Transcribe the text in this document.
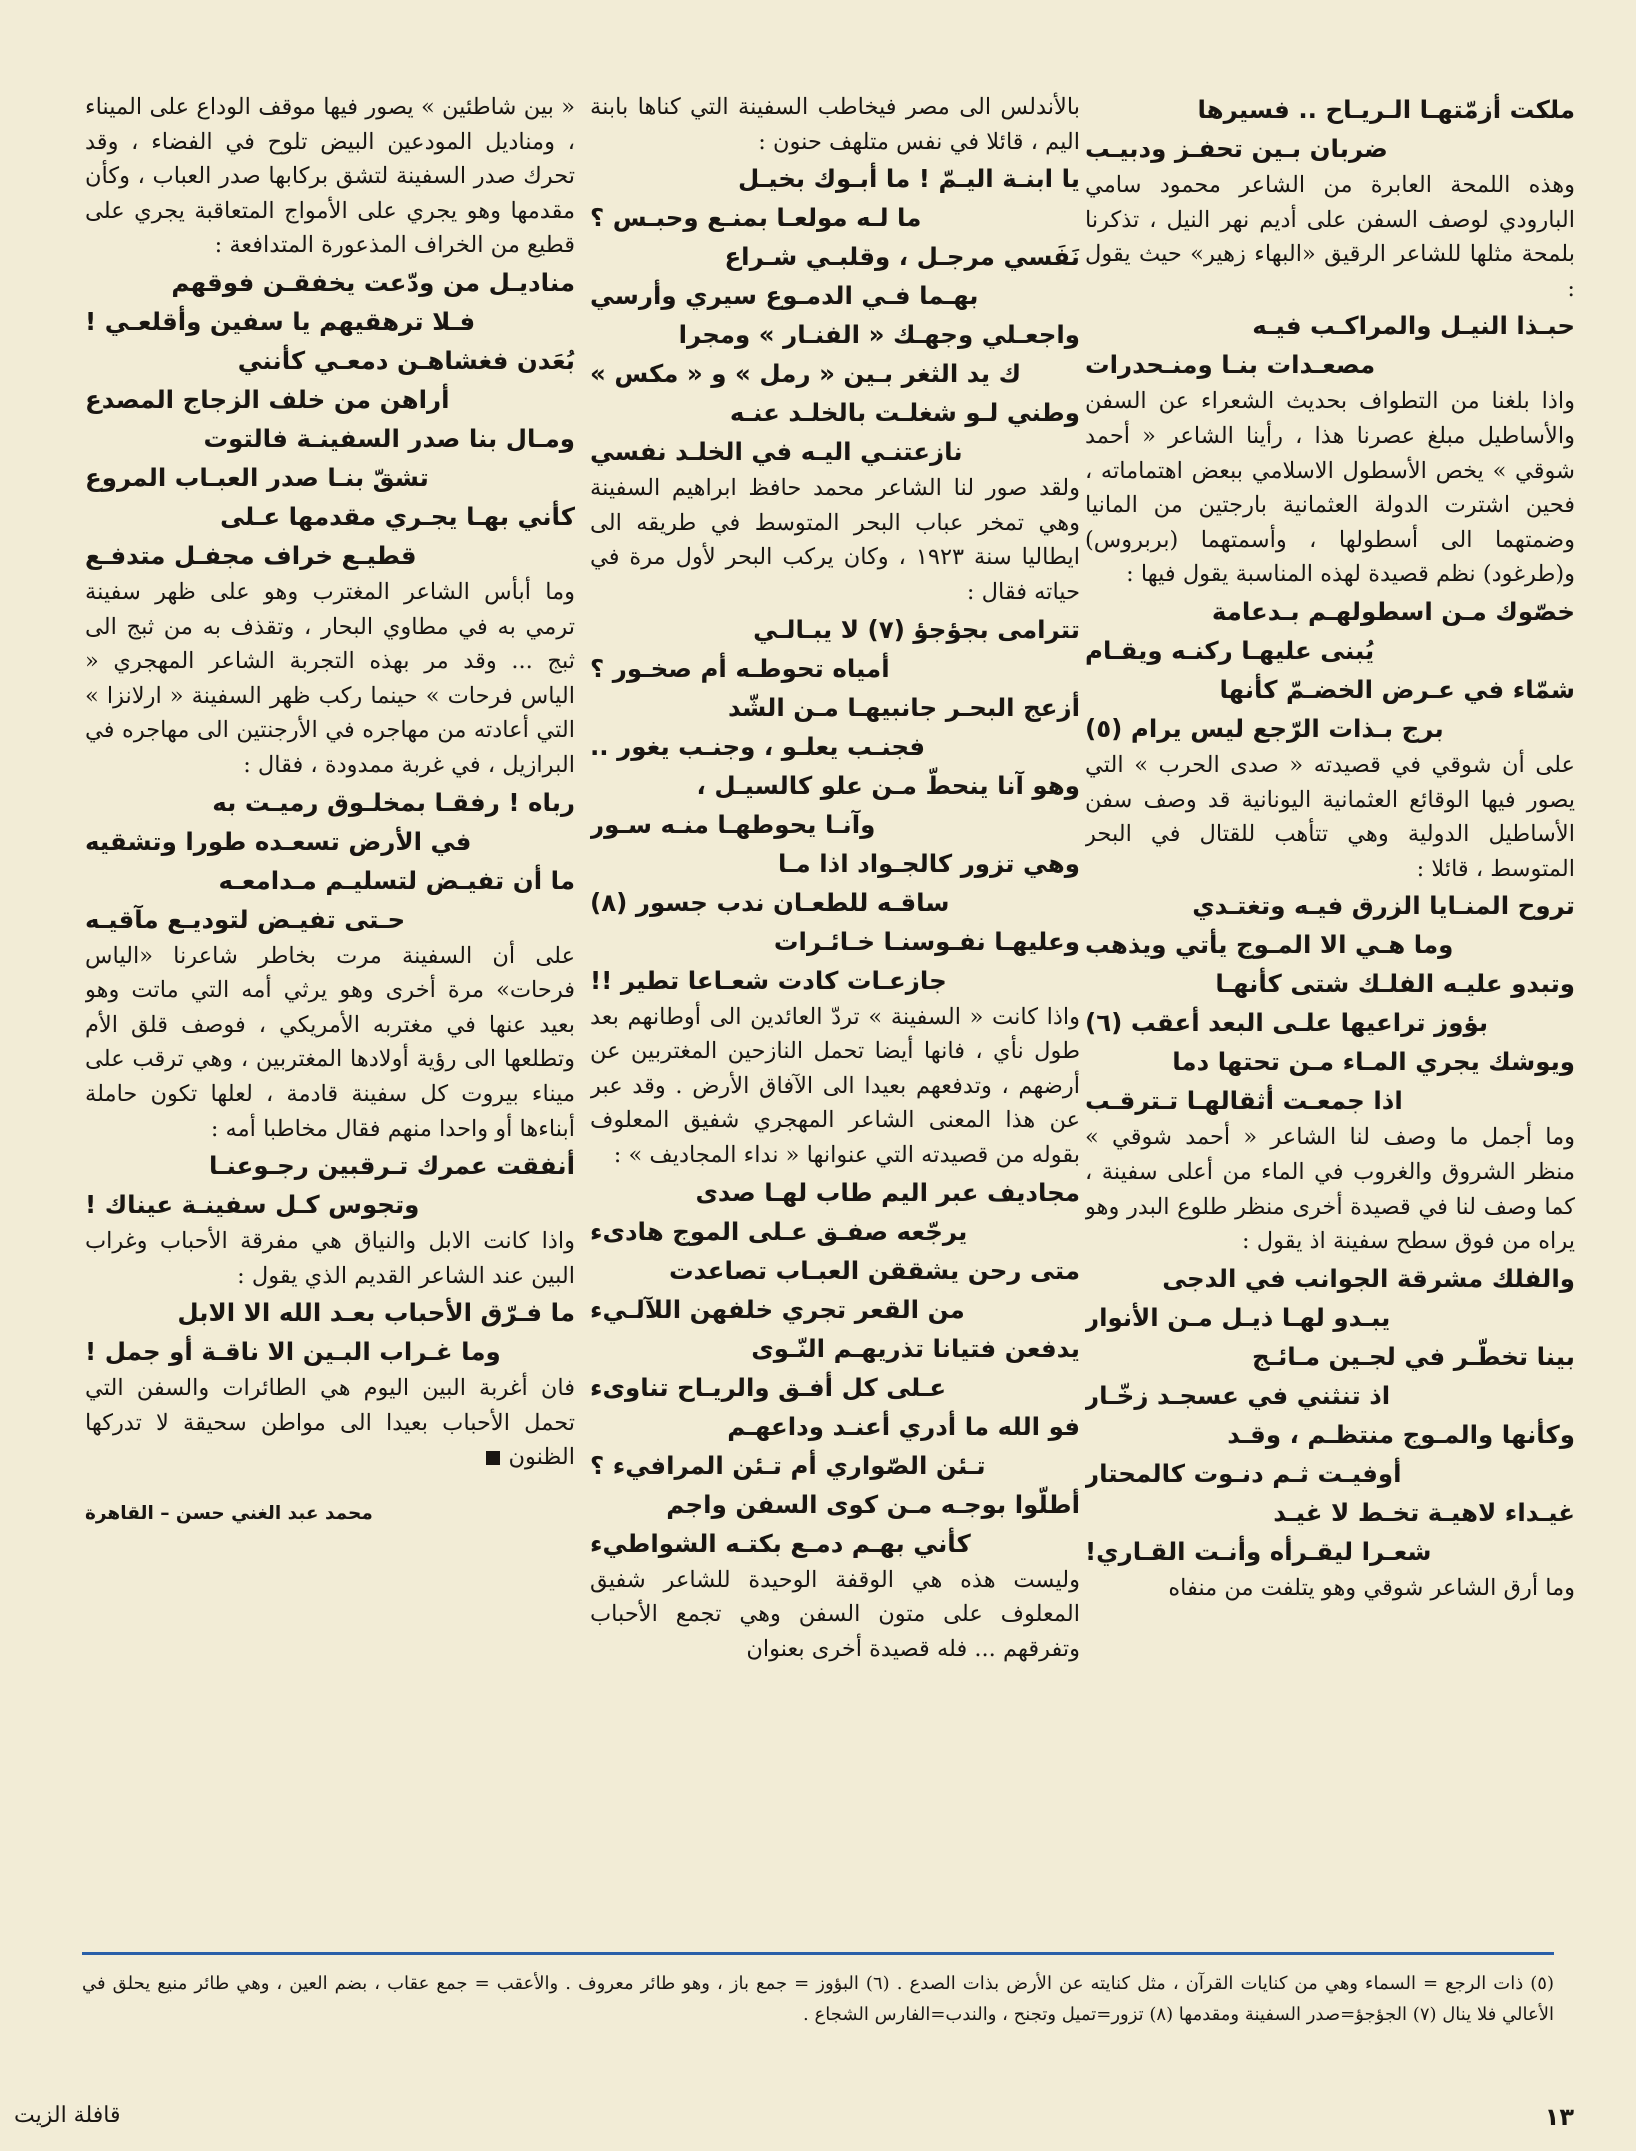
ملكت أزمّتهـا الـريـاح .. فسيرها
ضربان بـين تحفـز ودبيـب

وهذه اللمحة العابرة من الشاعر محمود سامي البارودي لوصف السفن على أديم نهر النيل ، تذكرنا بلمحة مثلها للشاعر الرقيق «البهاء زهير» حيث يقول :

حبـذا النيـل والمراكـب فيـه
مصعـدات بنـا ومنـحدرات

واذا بلغنا من التطواف بحديث الشعراء عن السفن والأساطيل مبلغ عصرنا هذا ، رأينا الشاعر « أحمد شوقي » يخص الأسطول الاسلامي ببعض اهتماماته ، فحين اشترت الدولة العثمانية بارجتين من المانيا وضمتهما الى أسطولها ، وأسمتهما (بربروس) و(طرغود) نظم قصيدة لهذه المناسبة يقول فيها :

خصّوك مـن اسطولهـم بـدعامة
يُبنى عليهـا ركنـه ويقـام
شمّاء في عـرض الخضـمّ كأنها
برج بـذات الرّجع ليس يرام (٥)

على أن شوقي في قصيدته « صدى الحرب » التي يصور فيها الوقائع العثمانية اليونانية قد وصف سفن الأساطيل الدولية وهي تتأهب للقتال في البحر المتوسط ، قائلا :

تروح المنـايا الزرق فيـه وتغتـدي
وما هـي الا المـوج يأتي ويذهب
وتبدو عليـه الفلـك شتى كأنهـا
بؤوز تراعيها علـى البعد أعقب (٦)
ويوشك يجري المـاء مـن تحتها دما
اذا جمعـت أثقالهـا تـترقـب

وما أجمل ما وصف لنا الشاعر « أحمد شوقي » منظر الشروق والغروب في الماء من أعلى سفينة ، كما وصف لنا في قصيدة أخرى منظر طلوع البدر وهو يراه من فوق سطح سفينة اذ يقول :

والفلك مشرقة الجوانب في الدجى
يبـدو لهـا ذيـل مـن الأنوار
بينا تخطّـر في لجـين مـائـج
اذ تنثني في عسجـد زخّـار
وكأنها والمـوج منتظـم ، وقـد
أوفيـت ثـم دنـوت كالمحتار
غيـداء لاهيـة تخـط لا غيـد
شعـرا ليقـرأه وأنـت القـاري!

وما أرق الشاعر شوقي وهو يتلفت من منفاه

بالأندلس الى مصر فيخاطب السفينة التي كناها بابنة اليم ، قائلا في نفس متلهف حنون :

يا ابنـة اليـمّ ! ما أبـوك بخيـل
ما لـه مولعـا بمنـع وحبـس ؟
نَفَسي مرجـل ، وقلبـي شـراع
بهـما فـي الدمـوع سيري وأرسي
واجعـلي وجهـك « الفنـار » ومجرا
ك يد الثغر بـين « رمل » و « مكس »
وطني لـو شغلـت بالخلـد عنـه
نازعتنـي اليـه في الخلـد نفسي

ولقد صور لنا الشاعر محمد حافظ ابراهيم السفينة وهي تمخر عباب البحر المتوسط في طريقه الى ايطاليا سنة ١٩٢٣ ، وكان يركب البحر لأول مرة في حياته فقال :

تترامى بجؤجؤ (٧) لا يبـالـي
أمياه تحوطـه أم صخـور ؟
أزعج البحـر جانبيهـا مـن الشّد
فجنـب يعلـو ، وجنـب يغور ..
وهو آنا ينحطّ مـن علو كالسيـل ،
وآنـا يحوطهـا منـه سـور
وهي تزور كالجـواد اذا مـا
ساقـه للطعـان ندب جسور (٨)
وعليهـا نفـوسنـا خـائـرات
جازعـات كادت شعـاعا تطير !!

واذا كانت « السفينة » تردّ العائدين الى أوطانهم بعد طول نأي ، فانها أيضا تحمل النازحين المغتربين عن أرضهم ، وتدفعهم بعيدا الى الآفاق الأرض . وقد عبر عن هذا المعنى الشاعر المهجري شفيق المعلوف بقوله من قصيدته التي عنوانها « نداء المجاديف » :

مجاديف عبر اليم طاب لهـا صدى
يرجّعه صفـق عـلى الموج هادىء
متى رحن يشققن العبـاب تصاعدت
من القعر تجري خلفهن اللآلـيء
يدفعن فتيانا تذريهـم النّـوى
عـلى كل أفـق والريـاح تناوىء
فو الله ما أدري أعنـد وداعهـم
تـئن الصّواري أم تـئن المرافيء ؟
أطلّوا بوجـه مـن كوى السفن واجم
كأني بهـم دمـع بكتـه الشواطيء

وليست هذه هي الوقفة الوحيدة للشاعر شفيق المعلوف على متون السفن وهي تجمع الأحباب وتفرقهم ... فله قصيدة أخرى بعنوان

« بين شاطئين » يصور فيها موقف الوداع على الميناء ، ومناديل المودعين البيض تلوح في الفضاء ، وقد تحرك صدر السفينة لتشق بركابها صدر العباب ، وكأن مقدمها وهو يجري على الأمواج المتعاقبة يجري على قطيع من الخراف المذعورة المتدافعة :

مناديـل من ودّعت يخفقـن فوقهم
فـلا ترهقيهم يا سفين وأقلعـي !
بُعَدن فغشاهـن دمعـي كأنني
أراهن من خلف الزجاج المصدع
ومـال بنا صدر السفينـة فالتوت
تشقّ بنـا صدر العبـاب المروع
كأني بهـا يجـري مقدمها عـلى
قطيـع خراف مجفـل متدفـع

وما أبأس الشاعر المغترب وهو على ظهر سفينة ترمي به في مطاوي البحار ، وتقذف به من ثبج الى ثبج ... وقد مر بهذه التجربة الشاعر المهجري « الياس فرحات » حينما ركب ظهر السفينة « ارلانزا » التي أعادته من مهاجره في الأرجنتين الى مهاجره في البرازيل ، في غربة ممدودة ، فقال :

رباه ! رفقـا بمخلـوق رميـت به
في الأرض تسعـده طورا وتشقيه
ما أن تفيـض لتسليـم مـدامعـه
حـتى تفيـض لتوديـع مآقيـه

على أن السفينة مرت بخاطر شاعرنا «الياس فرحات» مرة أخرى وهو يرثي أمه التي ماتت وهو بعيد عنها في مغتربه الأمريكي ، فوصف قلق الأم وتطلعها الى رؤية أولادها المغتربين ، وهي ترقب على ميناء بيروت كل سفينة قادمة ، لعلها تكون حاملة أبناءها أو واحدا منهم فقال مخاطبا أمه :

أنفقت عمرك تـرقبين رجـوعنـا
وتجوس كـل سفينـة عيناك !

واذا كانت الابل والنياق هي مفرقة الأحباب وغراب البين عند الشاعر القديم الذي يقول :

ما فـرّق الأحباب بعـد الله الا الابل
وما غـراب البـين الا ناقـة أو جمل !

فان أغربة البين اليوم هي الطائرات والسفن التي تحمل الأحباب بعيدا الى مواطن سحيقة لا تدركها الظنون

محمد عبد الغني حسن – القاهرة

(٥) ذات الرجع = السماء وهي من كنايات القرآن ، مثل كنايته عن الأرض بذات الصدع . (٦) البؤوز = جمع باز ، وهو طائر معروف . والأعقب = جمع عقاب ، بضم العين ، وهي طائر منيع يحلق في الأعالي فلا ينال (٧) الجؤجؤ=صدر السفينة ومقدمها (٨) تزور=تميل وتجنح ، والندب=الفارس الشجاع .

١٣
قافلة الزيت
